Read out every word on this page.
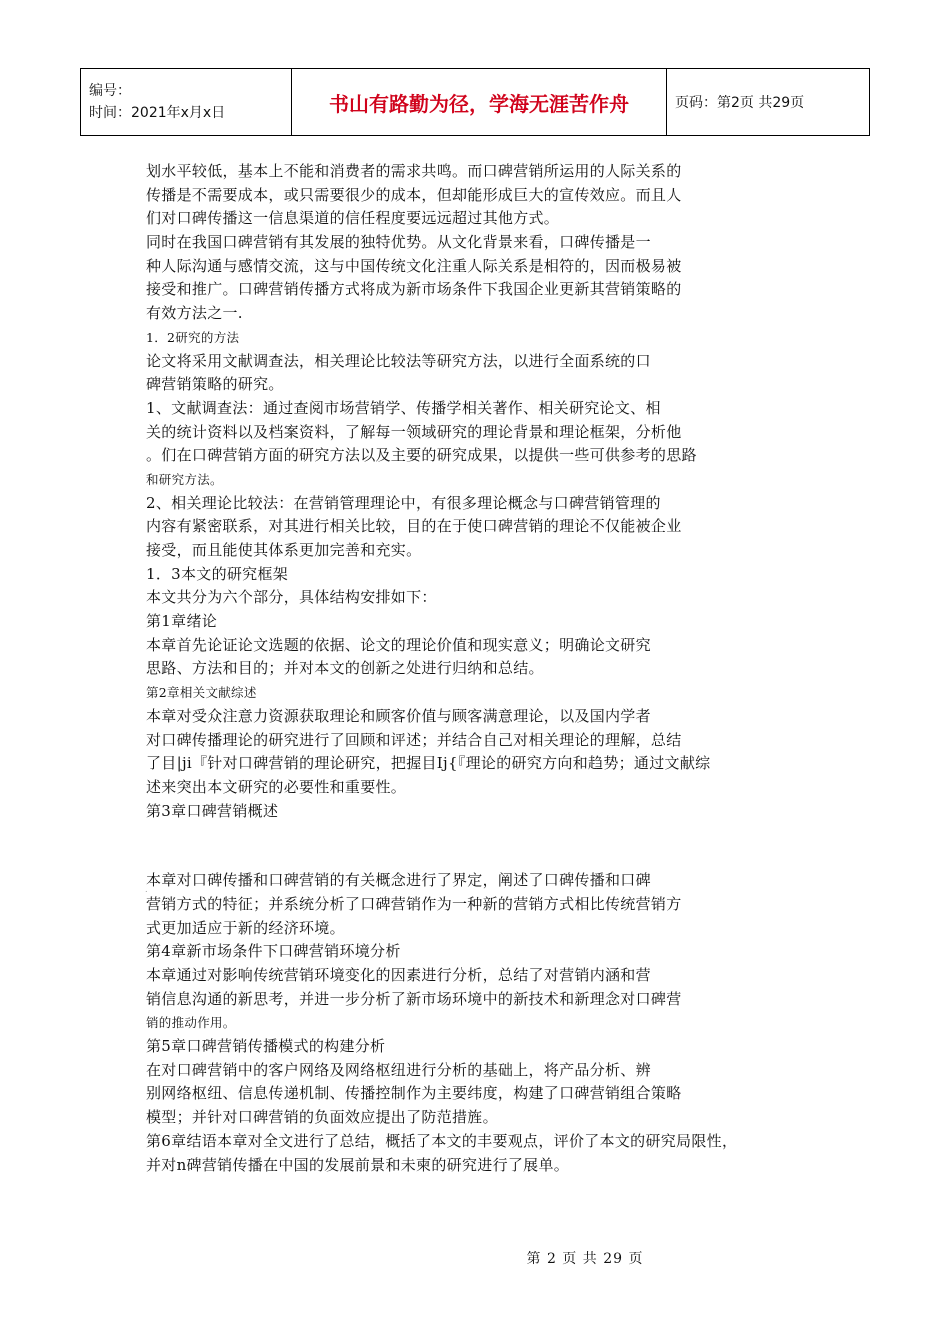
编号：
时间：2021年x月x日	书山有路勤为径，学海无涯苦作舟	页码：第2页 共29页
划水平较低，基本上不能和消费者的需求共鸣。而口碑营销所运用的人际关系的
传播是不需要成本，或只需要很少的成本，但却能形成巨大的宣传效应。而且人
们对口碑传播这一信息渠道的信任程度要远远超过其他方式。
同时在我国口碑营销有其发展的独特优势。从文化背景来看，口碑传播是一
种人际沟通与感情交流，这与中国传统文化注重人际关系是相符的，因而极易被
接受和推广。口碑营销传播方式将成为新市场条件下我国企业更新其营销策略的
有效方法之一.
1．2研究的方法
论文将采用文献调查法，相关理论比较法等研究方法，以进行全面系统的口
碑营销策略的研究。
1、文献调查法：通过查阅市场营销学、传播学相关著作、相关研究论文、相
关的统计资料以及档案资料，了解每一领域研究的理论背景和理论框架，分析他
。们在口碑营销方面的研究方法以及主要的研究成果，以提供一些可供参考的思路
和研究方法。
2、相关理论比较法：在营销管理理论中，有很多理论概念与口碑营销管理的
内容有紧密联系，对其进行相关比较，目的在于使口碑营销的理论不仅能被企业
接受，而且能使其体系更加完善和充实。
1．3本文的研究框架
本文共分为六个部分，具体结构安排如下：
第1章绪论
本章首先论证论文选题的依据、论文的理论价值和现实意义；明确论文研究
思路、方法和目的；并对本文的创新之处进行归纳和总结。
第2章相关文献综述
本章对受众注意力资源获取理论和顾客价值与顾客满意理论，以及国内学者
对口碑传播理论的研究进行了回顾和评述；并结合自己对相关理论的理解，总结
了目|ji『针对口碑营销的理论研究，把握目Ij{『理论的研究方向和趋势；通过文献综
述来突出本文研究的必要性和重要性。
第3章口碑营销概述
本章对口碑传播和口碑营销的有关概念进行了界定，阐述了口碑传播和口碑
营销方式的特征；并系统分析了口碑营销作为一种新的营销方式相比传统营销方
式更加适应于新的经济环境。
第4章新市场条件下口碑营销环境分析
本章通过对影响传统营销环境变化的因素进行分析，总结了对营销内涵和营
销信息沟通的新思考，并进一步分析了新市场环境中的新技术和新理念对口碑营
销的推动作用。
第5章口碑营销传播模式的构建分析
在对口碑营销中的客户网络及网络枢纽进行分析的基础上，将产品分析、辨
别网络枢纽、信息传递机制、传播控制作为主要纬度，构建了口碑营销组合策略
模型；并针对口碑营销的负面效应提出了防范措旌。
第6章结语本章对全文进行了总结，概括了本文的丰要观点，评价了本文的研究局限性，
并对n碑营销传播在中国的发展前景和未柬的研究进行了展单。
.
第 2 页 共 29 页
